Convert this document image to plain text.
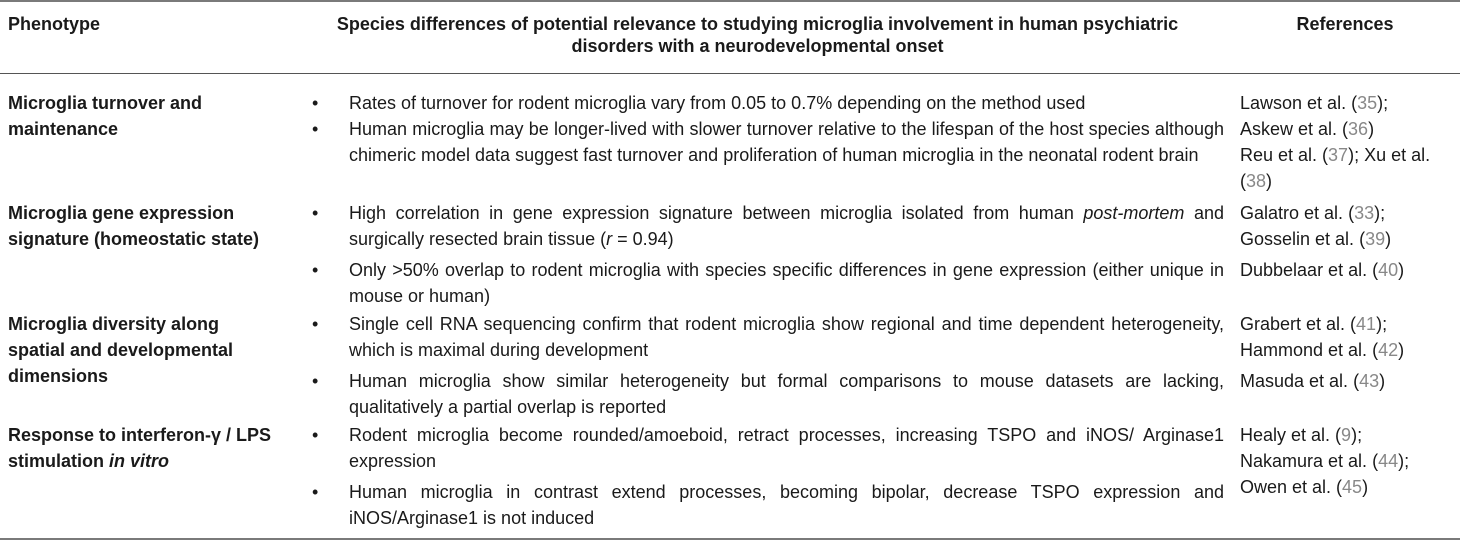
Phenotype	Species differences of potential relevance to studying microglia involvement in human psychiatric disorders with a neurodevelopmental onset
References
Microglia turnover and maintenance
• Rates of turnover for rodent microglia vary from 0.05 to 0.7% depending on the method used
• Human microglia may be longer-lived with slower turnover relative to the lifespan of the host species although chimeric model data suggest fast turnover and proliferation of human microglia in the neonatal rodent brain
Lawson et al. (35);
Askew et al. (36)
Reu et al. (37); Xu et al.
(38)
Microglia gene expression signature (homeostatic state)
• High correlation in gene expression signature between microglia isolated from human post-mortem and surgically resected brain tissue (r = 0.94)
• Only >50% overlap to rodent microglia with species specific differences in gene expression (either unique in mouse or human)
Galatro et al. (33);
Gosselin et al. (39)
Dubbelaar et al. (40)
Microglia diversity along spatial and developmental dimensions
• Single cell RNA sequencing confirm that rodent microglia show regional and time dependent heterogeneity, which is maximal during development
• Human microglia show similar heterogeneity but formal comparisons to mouse datasets are lacking, qualitatively a partial overlap is reported
Grabert et al. (41);
Hammond et al. (42)
Masuda et al. (43)
Response to interferon-γ / LPS stimulation in vitro
• Rodent microglia become rounded/amoeboid, retract processes, increasing TSPO and iNOS/ Arginase1 expression
• Human microglia in contrast extend processes, becoming bipolar, decrease TSPO expression and iNOS/Arginase1 is not induced
Healy et al. (9);
Nakamura et al. (44);
Owen et al. (45)
